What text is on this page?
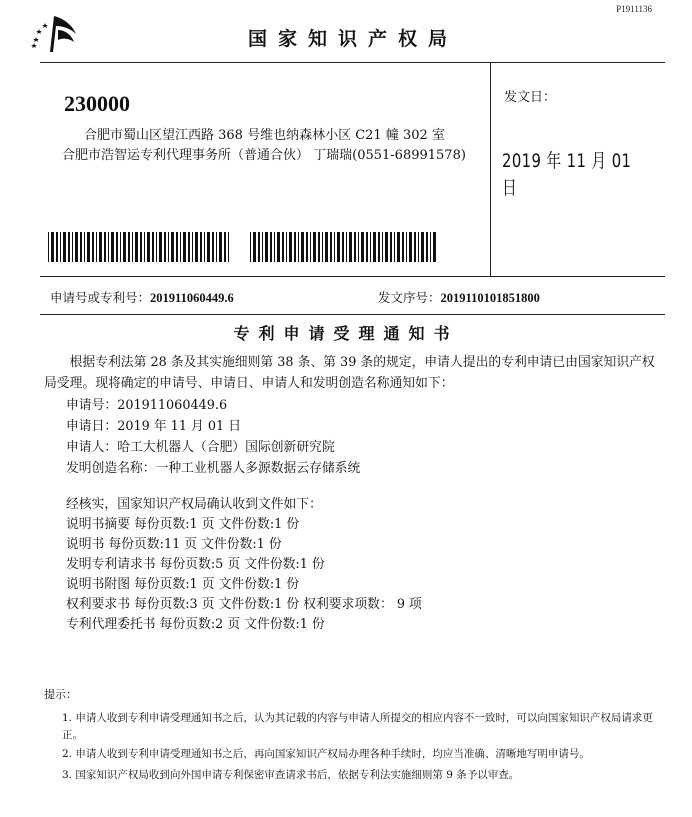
P1911136
国家知识产权局
230000
合肥市蜀山区望江西路 368 号维也纳森林小区 C21 幢 302 室
合肥市浩智运专利代理事务所（普通合伙） 丁瑞瑞(0551-68991578)
发文日：
2019 年 11 月 01 日
申请号或专利号：201911060449.6	发文序号：2019110101851800
专利申请受理通知书
根据专利法第 28 条及其实施细则第 38 条、第 39 条的规定，申请人提出的专利申请已由国家知识产权局受理。现将确定的申请号、申请日、申请人和发明创造名称通知如下：
申请号：201911060449.6
申请日：2019 年 11 月 01 日
申请人：哈工大机器人（合肥）国际创新研究院
发明创造名称：一种工业机器人多源数据云存储系统
经核实，国家知识产权局确认收到文件如下：
说明书摘要 每份页数:1 页 文件份数:1 份
说明书 每份页数:11 页 文件份数:1 份
发明专利请求书 每份页数:5 页 文件份数:1 份
说明书附图 每份页数:1 页 文件份数:1 份
权利要求书 每份页数:3 页 文件份数:1 份 权利要求项数： 9 项
专利代理委托书 每份页数:2 页 文件份数:1 份
提示：
1. 申请人收到专利申请受理通知书之后，认为其记载的内容与申请人所提交的相应内容不一致时，可以向国家知识产权局请求更正。
2. 申请人收到专利申请受理通知书之后，再向国家知识产权局办理各种手续时，均应当准确、清晰地写明申请号。
3. 国家知识产权局收到向外国申请专利保密审查请求书后，依据专利法实施细则第 9 条予以审查。
